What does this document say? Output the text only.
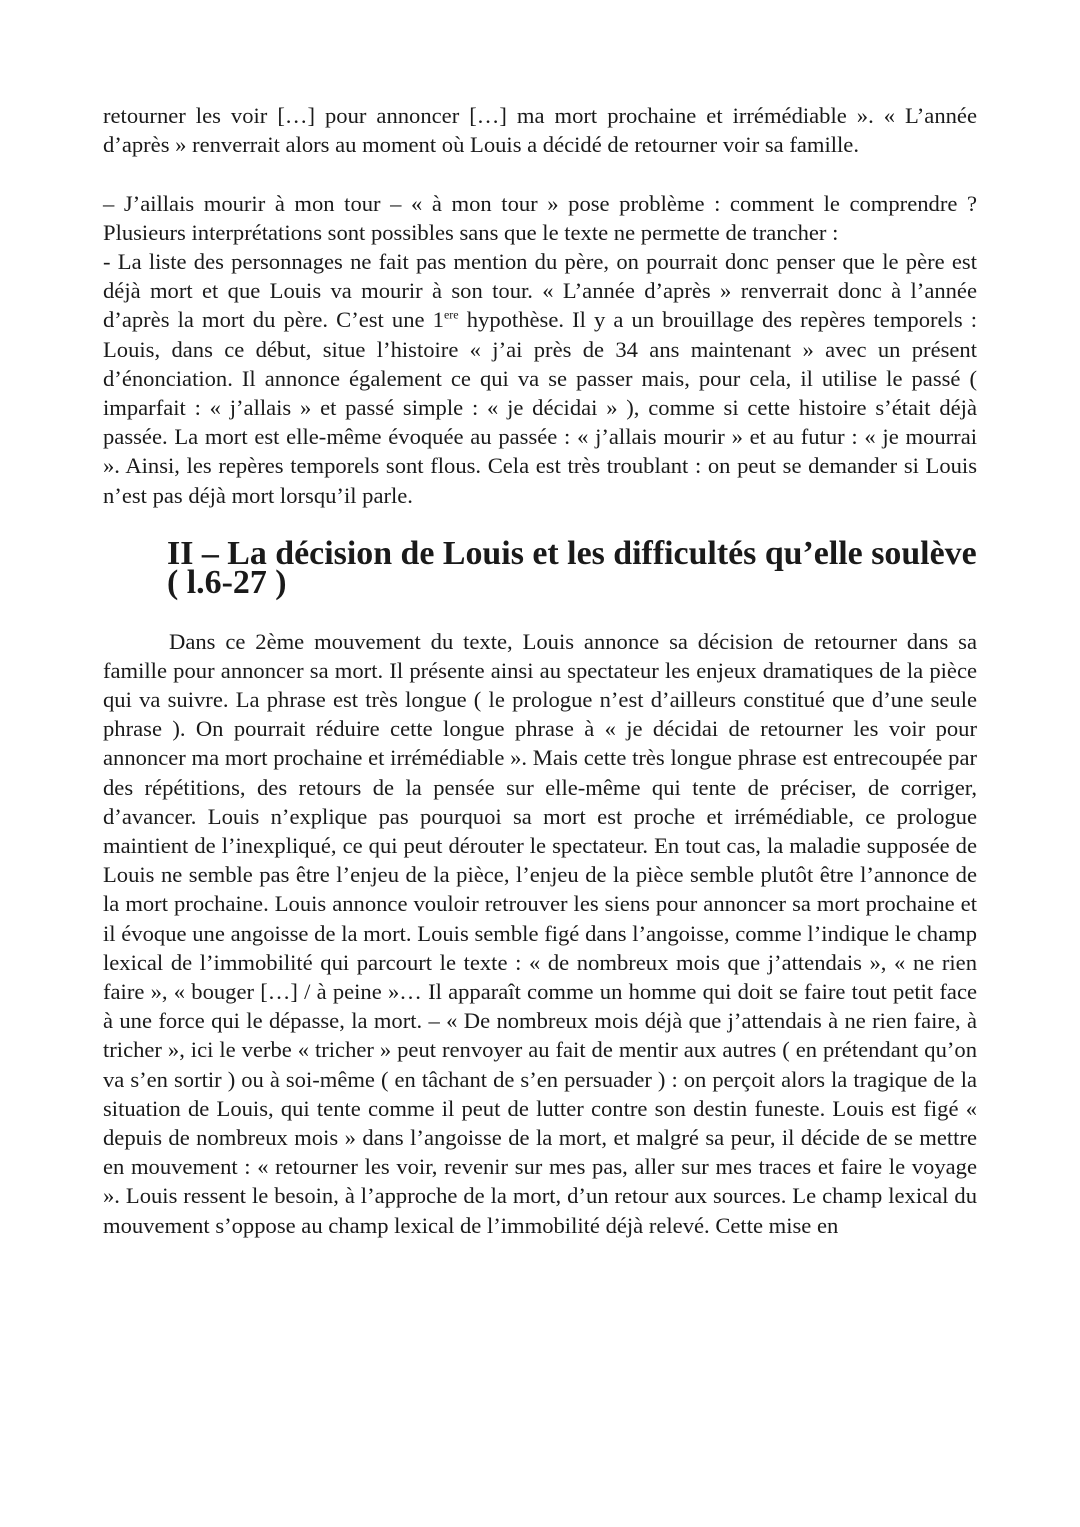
retourner les voir […] pour annoncer […] ma mort prochaine et irrémédiable ». « L’année d’après » renverrait alors au moment où Louis a décidé de retourner voir sa famille.

– J’aillais mourir à mon tour – « à mon tour » pose problème : comment le comprendre ? Plusieurs interprétations sont possibles sans que le texte ne permette de trancher :

- La liste des personnages ne fait pas mention du père, on pourrait donc penser que le père est déjà mort et que Louis va mourir à son tour. « L’année d’après » renverrait donc à l’année d’après la mort du père. C’est une 1ere hypothèse. Il y a un brouillage des repères temporels : Louis, dans ce début, situe l’histoire « j’ai près de 34 ans maintenant » avec un présent d’énonciation. Il annonce également ce qui va se passer mais, pour cela, il utilise le passé ( imparfait : « j’allais » et passé simple : « je décidai » ), comme si cette histoire s’était déjà passée. La mort est elle-même évoquée au passée : « j’allais mourir » et au futur : « je mourrai ». Ainsi, les repères temporels sont flous. Cela est très troublant : on peut se demander si Louis n’est pas déjà mort lorsqu’il parle.

II – La décision de Louis et les difficultés qu’elle soulève ( l.6-27 )

Dans ce 2ème mouvement du texte, Louis annonce sa décision de retourner dans sa famille pour annoncer sa mort. Il présente ainsi au spectateur les enjeux dramatiques de la pièce qui va suivre. La phrase est très longue ( le prologue n’est d’ailleurs constitué que d’une seule phrase ). On pourrait réduire cette longue phrase à « je décidai de retourner les voir pour annoncer ma mort prochaine et irrémédiable ». Mais cette très longue phrase est entrecoupée par des répétitions, des retours de la pensée sur elle-même qui tente de préciser, de corriger, d’avancer. Louis n’explique pas pourquoi sa mort est proche et irrémédiable, ce prologue maintient de l’inexpliqué, ce qui peut dérouter le spectateur. En tout cas, la maladie supposée de Louis ne semble pas être l’enjeu de la pièce, l’enjeu de la pièce semble plutôt être l’annonce de la mort prochaine. Louis annonce vouloir retrouver les siens pour annoncer sa mort prochaine et il évoque une angoisse de la mort. Louis semble figé dans l’angoisse, comme l’indique le champ lexical de l’immobilité qui parcourt le texte : « de nombreux mois que j’attendais », « ne rien faire », « bouger […] / à peine »… Il apparaît comme un homme qui doit se faire tout petit face à une force qui le dépasse, la mort. – « De nombreux mois déjà que j’attendais à ne rien faire, à tricher », ici le verbe « tricher » peut renvoyer au fait de mentir aux autres ( en prétendant qu’on va s’en sortir ) ou à soi-même ( en tâchant de s’en persuader ) : on perçoit alors la tragique de la situation de Louis, qui tente comme il peut de lutter contre son destin funeste. Louis est figé « depuis de nombreux mois » dans l’angoisse de la mort, et malgré sa peur, il décide de se mettre en mouvement : « retourner les voir, revenir sur mes pas, aller sur mes traces et faire le voyage ». Louis ressent le besoin, à l’approche de la mort, d’un retour aux sources. Le champ lexical du mouvement s’oppose au champ lexical de l’immobilité déjà relevé. Cette mise en
